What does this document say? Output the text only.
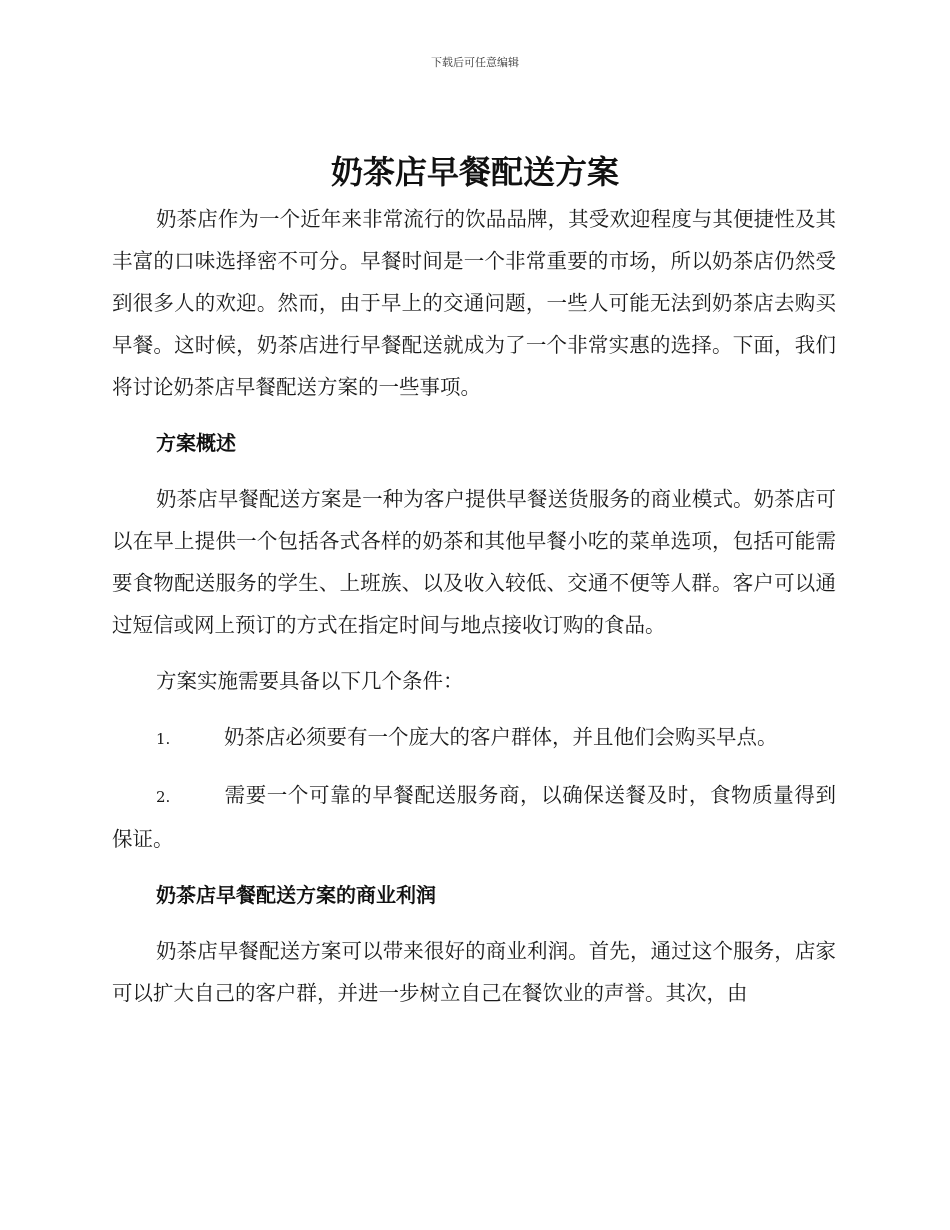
下载后可任意编辑
奶茶店早餐配送方案

奶茶店作为一个近年来非常流行的饮品品牌，其受欢迎程度与其便捷性及其丰富的口味选择密不可分。早餐时间是一个非常重要的市场，所以奶茶店仍然受到很多人的欢迎。然而，由于早上的交通问题，一些人可能无法到奶茶店去购买早餐。这时候，奶茶店进行早餐配送就成为了一个非常实惠的选择。下面，我们将讨论奶茶店早餐配送方案的一些事项。

方案概述

奶茶店早餐配送方案是一种为客户提供早餐送货服务的商业模式。奶茶店可以在早上提供一个包括各式各样的奶茶和其他早餐小吃的菜单选项，包括可能需要食物配送服务的学生、上班族、以及收入较低、交通不便等人群。客户可以通过短信或网上预订的方式在指定时间与地点接收订购的食品。

方案实施需要具备以下几个条件：

1.	奶茶店必须要有一个庞大的客户群体，并且他们会购买早点。

2.	需要一个可靠的早餐配送服务商，以确保送餐及时，食物质量得到保证。

奶茶店早餐配送方案的商业利润

奶茶店早餐配送方案可以带来很好的商业利润。首先，通过这个服务，店家可以扩大自己的客户群，并进一步树立自己在餐饮业的声誉。其次，由
